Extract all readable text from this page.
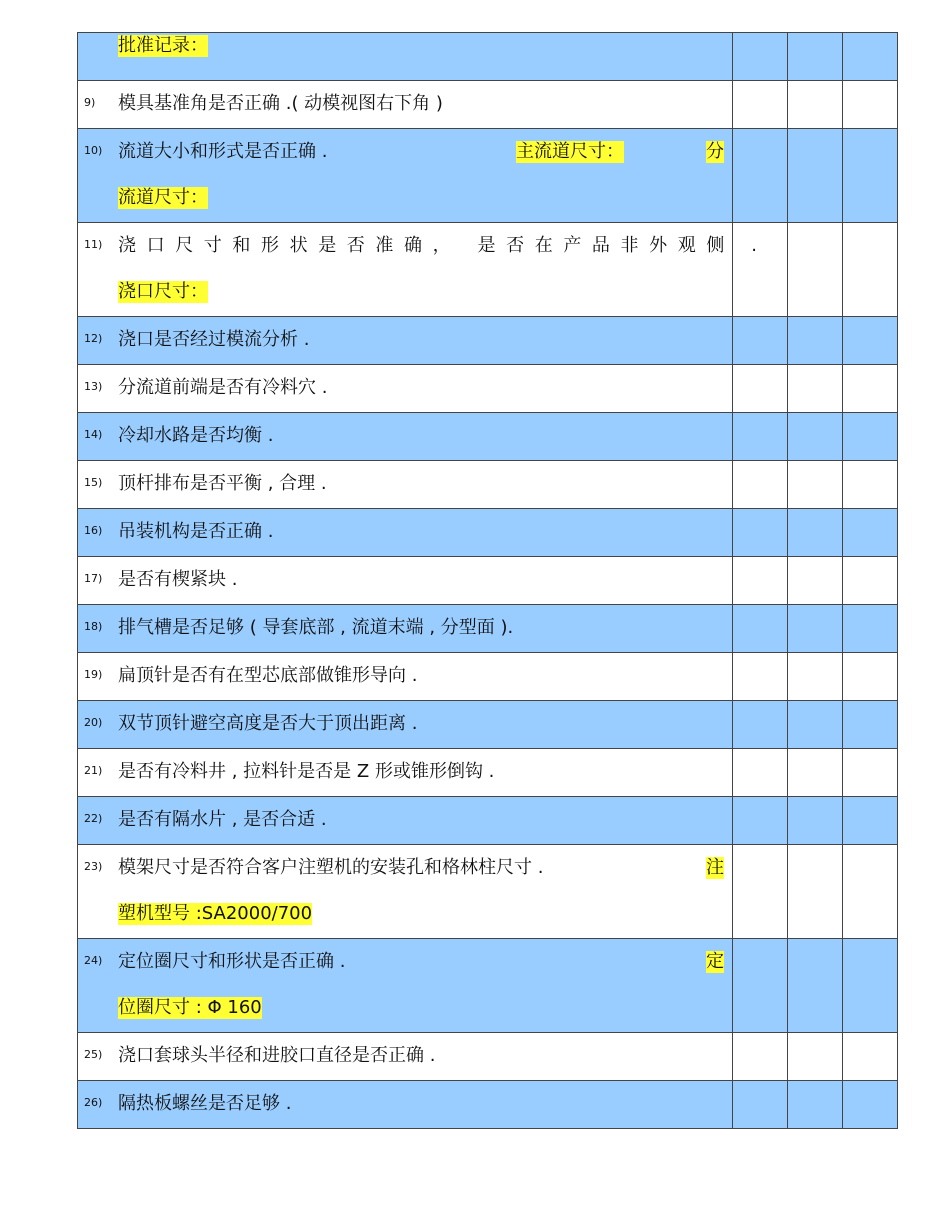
批准记录：			

9) 模具基准角是否正确 .( 动模视图右下角 )			

10) 流道大小和形式是否正确 . 主流道尺寸： 分
流道尺寸：			

11) 浇口尺寸和形状是否准确， 是否在产品非外观侧 .
浇口尺寸：			

12) 浇口是否经过模流分析 .			

13) 分流道前端是否有冷料穴 .			

14) 冷却水路是否均衡 .			

15) 顶杆排布是否平衡 , 合理 .			

16) 吊装机构是否正确 .			

17) 是否有楔紧块 .			

18) 排气槽是否足够 ( 导套底部 , 流道末端 , 分型面 ).			

19) 扁顶针是否有在型芯底部做锥形导向 .			

20) 双节顶针避空高度是否大于顶出距离 .			

21) 是否有冷料井 , 拉料针是否是 Z 形或锥形倒钩 .			

22) 是否有隔水片 , 是否合适 .			

23) 模架尺寸是否符合客户注塑机的安装孔和格林柱尺寸 . 注
塑机型号 :SA2000/700			

24) 定位圈尺寸和形状是否正确 . 定
位圈尺寸 : Φ 160			

25) 浇口套球头半径和进胶口直径是否正确 .			

26) 隔热板螺丝是否足够 .			
